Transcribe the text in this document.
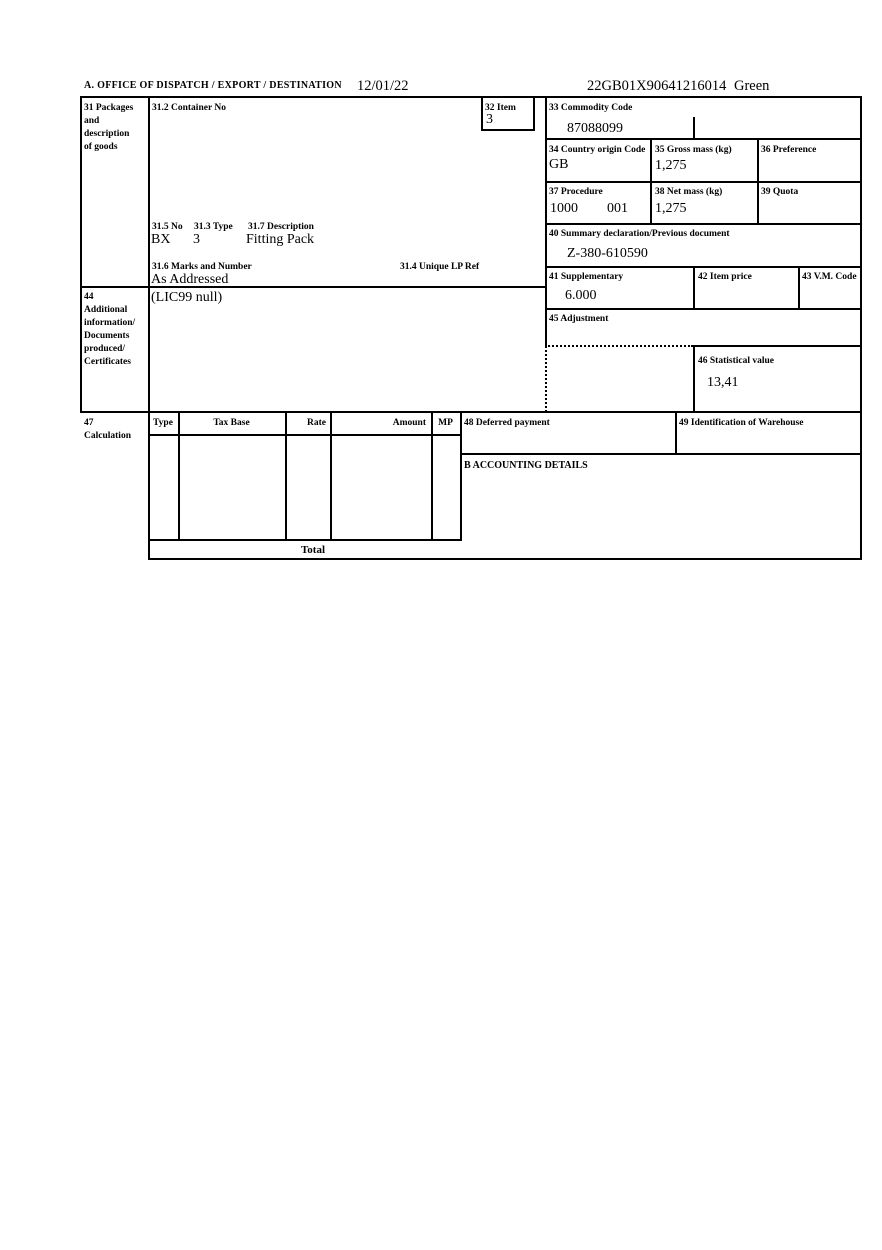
A. OFFICE OF DISPATCH / EXPORT / DESTINATION 12/01/22	22GB01X90641216014 Green
31 Packages
and
description
of goods
31.2 Container No	32 Item
3
33 Commodity Code
87088099
34 Country origin Code
GB
35 Gross mass (kg)
1,275
36 Preference
37 Procedure
1000 001
38 Net mass (kg)
1,275
39 Quota
31.5 No 31.3 Type 31.7 Description
BX 3	Fitting Pack
31.6 Marks and Number	31.4 Unique LP Ref
As Addressed
40 Summary declaration/Previous document
Z-380-610590
41 Supplementary
6.000
42 Item price	43 V.M. Code
44
Additional
information/
Documents
produced/
Certificates
(LIC99 null)
45 Adjustment
46 Statistical value
13,41
47
Calculation
Type	Tax Base	Rate	Amount	MP
Total
48 Deferred payment	49 Identification of Warehouse
B ACCOUNTING DETAILS
